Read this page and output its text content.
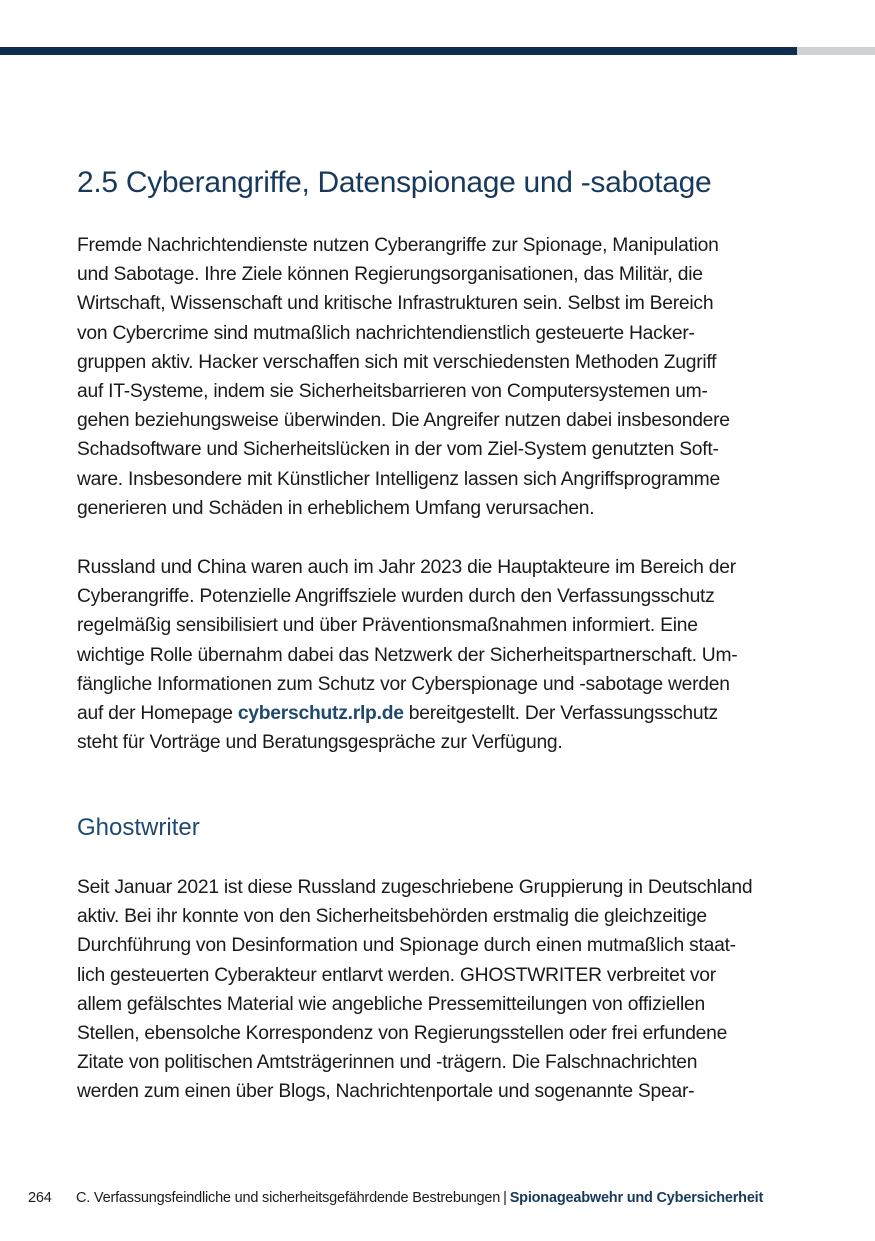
2.5 Cyberangriffe, Datenspionage und -sabotage
Fremde Nachrichtendienste nutzen Cyberangriffe zur Spionage, Manipulation
und Sabotage. Ihre Ziele können Regierungsorganisationen, das Militär, die
Wirtschaft, Wissenschaft und kritische Infrastrukturen sein. Selbst im Bereich
von Cybercrime sind mutmaßlich nachrichtendienstlich gesteuerte Hacker-
gruppen aktiv. Hacker verschaffen sich mit verschiedensten Methoden Zugriff
auf IT-Systeme, indem sie Sicherheitsbarrieren von Computersystemen um-
gehen beziehungsweise überwinden. Die Angreifer nutzen dabei insbesondere
Schadsoftware und Sicherheitslücken in der vom Ziel-System genutzten Soft-
ware. Insbesondere mit Künstlicher Intelligenz lassen sich Angriffsprogramme
generieren und Schäden in erheblichem Umfang verursachen.
Russland und China waren auch im Jahr 2023 die Hauptakteure im Bereich der
Cyberangriffe. Potenzielle Angriffsziele wurden durch den Verfassungsschutz
regelmäßig sensibilisiert und über Präventionsmaßnahmen informiert. Eine
wichtige Rolle übernahm dabei das Netzwerk der Sicherheitspartnerschaft. Um-
fängliche Informationen zum Schutz vor Cyberspionage und -sabotage werden
auf der Homepage cyberschutz.rlp.de bereitgestellt. Der Verfassungsschutz
steht für Vorträge und Beratungsgespräche zur Verfügung.
Ghostwriter
Seit Januar 2021 ist diese Russland zugeschriebene Gruppierung in Deutschland
aktiv. Bei ihr konnte von den Sicherheitsbehörden erstmalig die gleichzeitige
Durchführung von Desinformation und Spionage durch einen mutmaßlich staat-
lich gesteuerten Cyberakteur entlarvt werden. GHOSTWRITER verbreitet vor
allem gefälschtes Material wie angebliche Pressemitteilungen von offiziellen
Stellen, ebensolche Korrespondenz von Regierungsstellen oder frei erfundene
Zitate von politischen Amtsträgerinnen und -trägern. Die Falschnachrichten
werden zum einen über Blogs, Nachrichtenportale und sogenannte Spear-
264 C. Verfassungsfeindliche und sicherheitsgefährdende Bestrebungen | Spionageabwehr und Cybersicherheit
